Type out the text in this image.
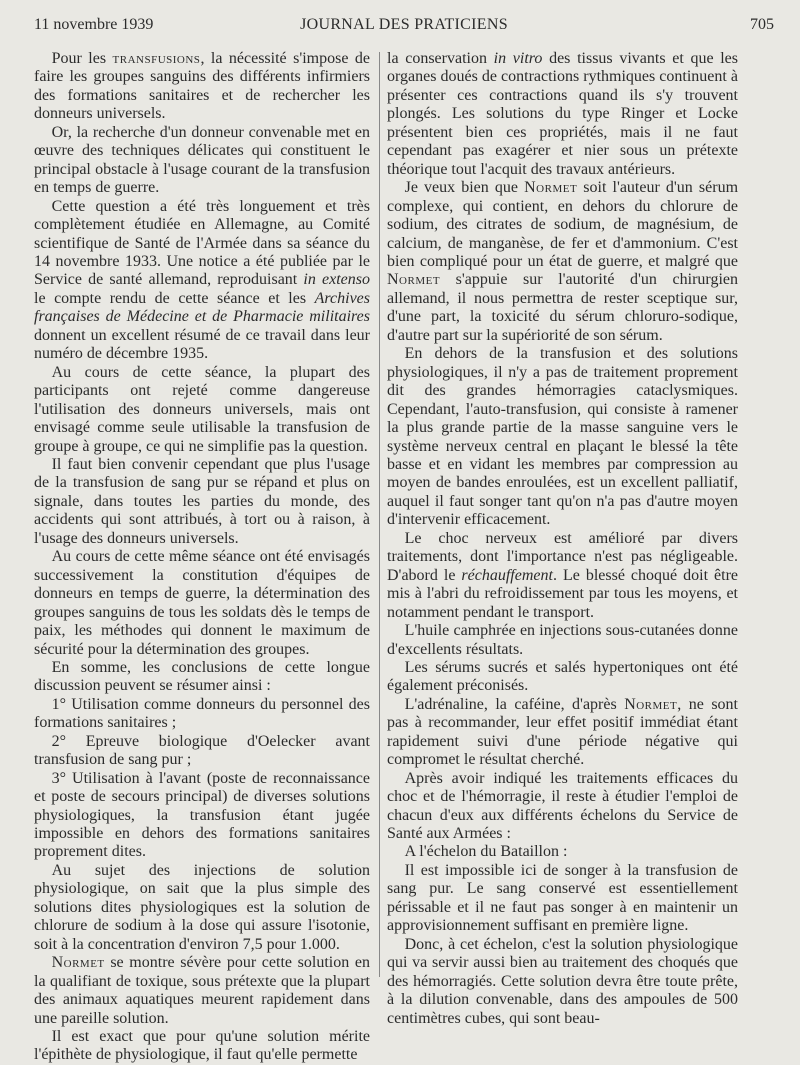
11 novembre 1939	JOURNAL DES PRATICIENS	705

Pour les transfusions, la nécessité s'impose de faire les groupes sanguins des différents infirmiers des formations sanitaires et de rechercher les donneurs universels.

Or, la recherche d'un donneur convenable met en œuvre des techniques délicates qui constituent le principal obstacle à l'usage courant de la transfusion en temps de guerre.

Cette question a été très longuement et très complètement étudiée en Allemagne, au Comité scientifique de Santé de l'Armée dans sa séance du 14 novembre 1933. Une notice a été publiée par le Service de santé allemand, reproduisant in extenso le compte rendu de cette séance et les Archives françaises de Médecine et de Pharmacie militaires donnent un excellent résumé de ce travail dans leur numéro de décembre 1935.

Au cours de cette séance, la plupart des participants ont rejeté comme dangereuse l'utilisation des donneurs universels, mais ont envisagé comme seule utilisable la transfusion de groupe à groupe, ce qui ne simplifie pas la question.

Il faut bien convenir cependant que plus l'usage de la transfusion de sang pur se répand et plus on signale, dans toutes les parties du monde, des accidents qui sont attribués, à tort ou à raison, à l'usage des donneurs universels.

Au cours de cette même séance ont été envisagés successivement la constitution d'équipes de donneurs en temps de guerre, la détermination des groupes sanguins de tous les soldats dès le temps de paix, les méthodes qui donnent le maximum de sécurité pour la détermination des groupes.

En somme, les conclusions de cette longue discussion peuvent se résumer ainsi :

1° Utilisation comme donneurs du personnel des formations sanitaires ;

2° Epreuve biologique d'Oelecker avant transfusion de sang pur ;

3° Utilisation à l'avant (poste de reconnaissance et poste de secours principal) de diverses solutions physiologiques, la transfusion étant jugée impossible en dehors des formations sanitaires proprement dites.

Au sujet des injections de solution physiologique, on sait que la plus simple des solutions dites physiologiques est la solution de chlorure de sodium à la dose qui assure l'isotonie, soit à la concentration d'environ 7,5 pour 1.000.

Normet se montre sévère pour cette solution en la qualifiant de toxique, sous prétexte que la plupart des animaux aquatiques meurent rapidement dans une pareille solution.

Il est exact que pour qu'une solution mérite l'épithète de physiologique, il faut qu'elle permette

la conservation in vitro des tissus vivants et que les organes doués de contractions rythmiques continuent à présenter ces contractions quand ils s'y trouvent plongés. Les solutions du type Ringer et Locke présentent bien ces propriétés, mais il ne faut cependant pas exagérer et nier sous un prétexte théorique tout l'acquit des travaux antérieurs.

Je veux bien que Normet soit l'auteur d'un sérum complexe, qui contient, en dehors du chlorure de sodium, des citrates de sodium, de magnésium, de calcium, de manganèse, de fer et d'ammonium. C'est bien compliqué pour un état de guerre, et malgré que Normet s'appuie sur l'autorité d'un chirurgien allemand, il nous permettra de rester sceptique sur, d'une part, la toxicité du sérum chloruro-sodique, d'autre part sur la supériorité de son sérum.

En dehors de la transfusion et des solutions physiologiques, il n'y a pas de traitement proprement dit des grandes hémorragies cataclysmiques. Cependant, l'auto-transfusion, qui consiste à ramener la plus grande partie de la masse sanguine vers le système nerveux central en plaçant le blessé la tête basse et en vidant les membres par compression au moyen de bandes enroulées, est un excellent palliatif, auquel il faut songer tant qu'on n'a pas d'autre moyen d'intervenir efficacement.

Le choc nerveux est amélioré par divers traitements, dont l'importance n'est pas négligeable. D'abord le réchauffement. Le blessé choqué doit être mis à l'abri du refroidissement par tous les moyens, et notamment pendant le transport.

L'huile camphrée en injections sous-cutanées donne d'excellents résultats.

Les sérums sucrés et salés hypertoniques ont été également préconisés.

L'adrénaline, la caféine, d'après Normet, ne sont pas à recommander, leur effet positif immédiat étant rapidement suivi d'une période négative qui compromet le résultat cherché.

Après avoir indiqué les traitements efficaces du choc et de l'hémorragie, il reste à étudier l'emploi de chacun d'eux aux différents échelons du Service de Santé aux Armées :

A l'échelon du Bataillon :

Il est impossible ici de songer à la transfusion de sang pur. Le sang conservé est essentiellement périssable et il ne faut pas songer à en maintenir un approvisionnement suffisant en première ligne.

Donc, à cet échelon, c'est la solution physiologique qui va servir aussi bien au traitement des choqués que des hémorragiés. Cette solution devra être toute prête, à la dilution convenable, dans des ampoules de 500 centimètres cubes, qui sont beau-
